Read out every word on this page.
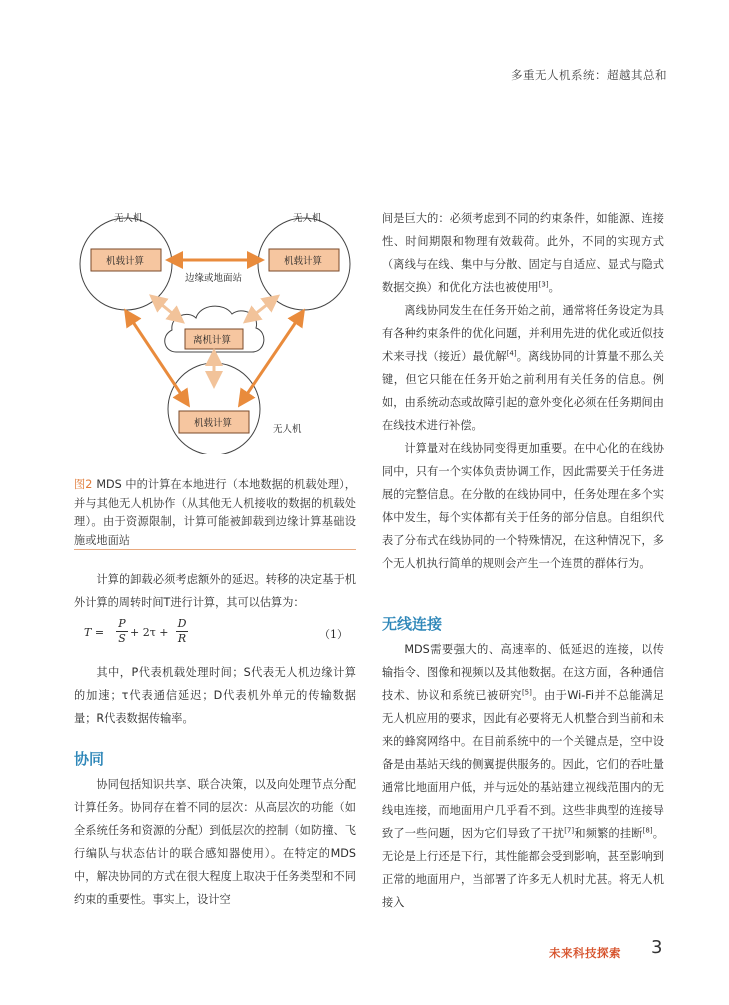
多重无人机系统：超越其总和
无人机
机载计算
无人机
机载计算
机载计算
无人机
离机计算
边缘或地面站
图2 MDS 中的计算在本地进行（本地数据的机载处理），并与其他无人机协作（从其他无人机接收的数据的机载处理）。由于资源限制，计算可能被卸载到边缘计算基础设施或地面站

计算的卸载必须考虑额外的延迟。转移的决定基于机外计算的周转时间T进行计算，其可以估算为：

T =
P
S + 2τ +
D
R	（1）

其中，P代表机载处理时间；S代表无人机边缘计算的加速；τ代表通信延迟；D代表机外单元的传输数据量；R代表数据传输率。

协同

协同包括知识共享、联合决策，以及向处理节点分配计算任务。协同存在着不同的层次：从高层次的功能（如全系统任务和资源的分配）到低层次的控制（如防撞、飞行编队与状态估计的联合感知器使用）。在特定的MDS中，解决协同的方式在很大程度上取决于任务类型和不同约束的重要性。事实上，设计空

间是巨大的：必须考虑到不同的约束条件，如能源、连接性、时间期限和物理有效载荷。此外，不同的实现方式（离线与在线、集中与分散、固定与自适应、显式与隐式数据交换）和优化方法也被使用[3]。

离线协同发生在任务开始之前，通常将任务设定为具有各种约束条件的优化问题，并利用先进的优化或近似技术来寻找（接近）最优解[4]。离线协同的计算量不那么关键，但它只能在任务开始之前利用有关任务的信息。例如，由系统动态或故障引起的意外变化必须在任务期间由在线技术进行补偿。

计算量对在线协同变得更加重要。在中心化的在线协同中，只有一个实体负责协调工作，因此需要关于任务进展的完整信息。在分散的在线协同中，任务处理在多个实体中发生，每个实体都有关于任务的部分信息。自组织代表了分布式在线协同的一个特殊情况，在这种情况下，多个无人机执行简单的规则会产生一个连贯的群体行为。

无线连接

MDS需要强大的、高速率的、低延迟的连接，以传输指令、图像和视频以及其他数据。在这方面，各种通信技术、协议和系统已被研究[5]。由于Wi-Fi并不总能满足无人机应用的要求，因此有必要将无人机整合到当前和未来的蜂窝网络中。在目前系统中的一个关键点是，空中设备是由基站天线的侧翼提供服务的。因此，它们的吞吐量通常比地面用户低，并与远处的基站建立视线范围内的无线电连接，而地面用户几乎看不到。这些非典型的连接导致了一些问题，因为它们导致了干扰[7]和频繁的挂断[8]。无论是上行还是下行，其性能都会受到影响，甚至影响到正常的地面用户，当部署了许多无人机时尤甚。将无人机接入

未来科技探索 3
